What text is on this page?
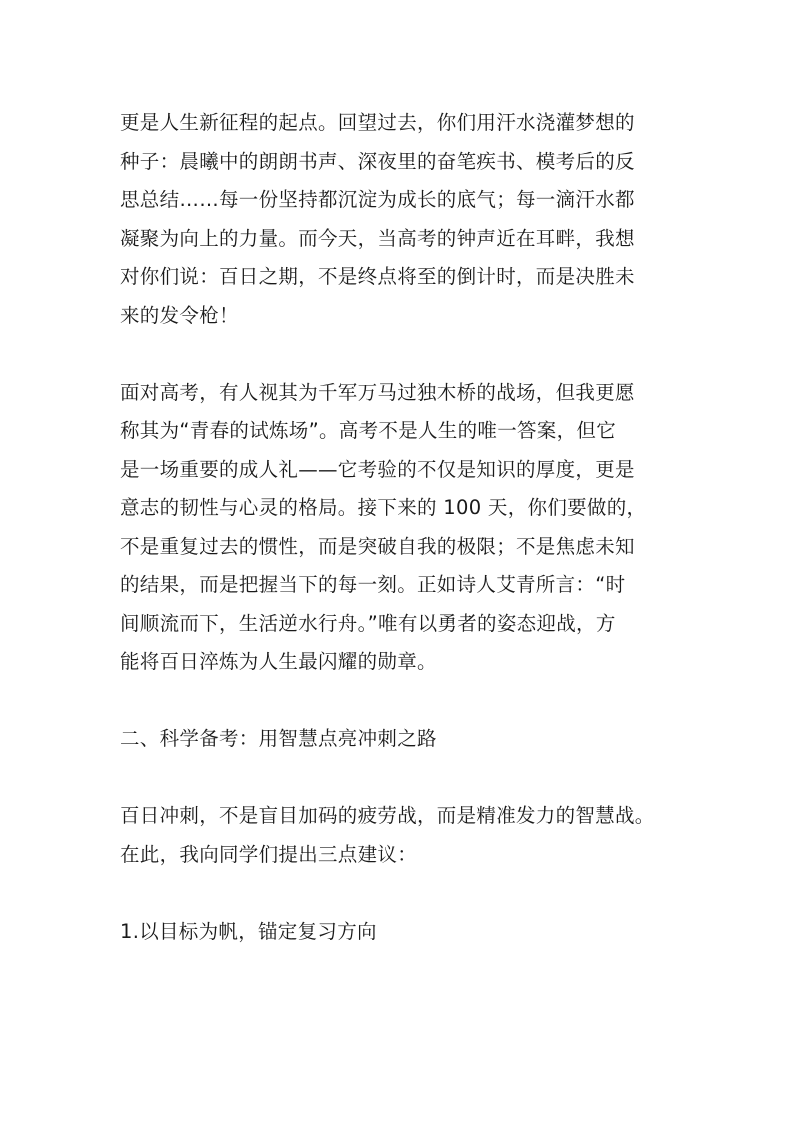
更是人生新征程的起点。回望过去，你们用汗水浇灌梦想的
种子：晨曦中的朗朗书声、深夜里的奋笔疾书、模考后的反
思总结……每一份坚持都沉淀为成长的底气；每一滴汗水都
凝聚为向上的力量。而今天，当高考的钟声近在耳畔，我想
对你们说：百日之期，不是终点将至的倒计时，而是决胜未
来的发令枪！
面对高考，有人视其为千军万马过独木桥的战场，但我更愿
称其为“青春的试炼场”。高考不是人生的唯一答案，但它
是一场重要的成人礼——它考验的不仅是知识的厚度，更是
意志的韧性与心灵的格局。接下来的 100 天，你们要做的，
不是重复过去的惯性，而是突破自我的极限；不是焦虑未知
的结果，而是把握当下的每一刻。正如诗人艾青所言：“时
间顺流而下，生活逆水行舟。”唯有以勇者的姿态迎战，方
能将百日淬炼为人生最闪耀的勋章。
二、科学备考：用智慧点亮冲刺之路
百日冲刺，不是盲目加码的疲劳战，而是精准发力的智慧战。
在此，我向同学们提出三点建议：
1.以目标为帆，锚定复习方向
